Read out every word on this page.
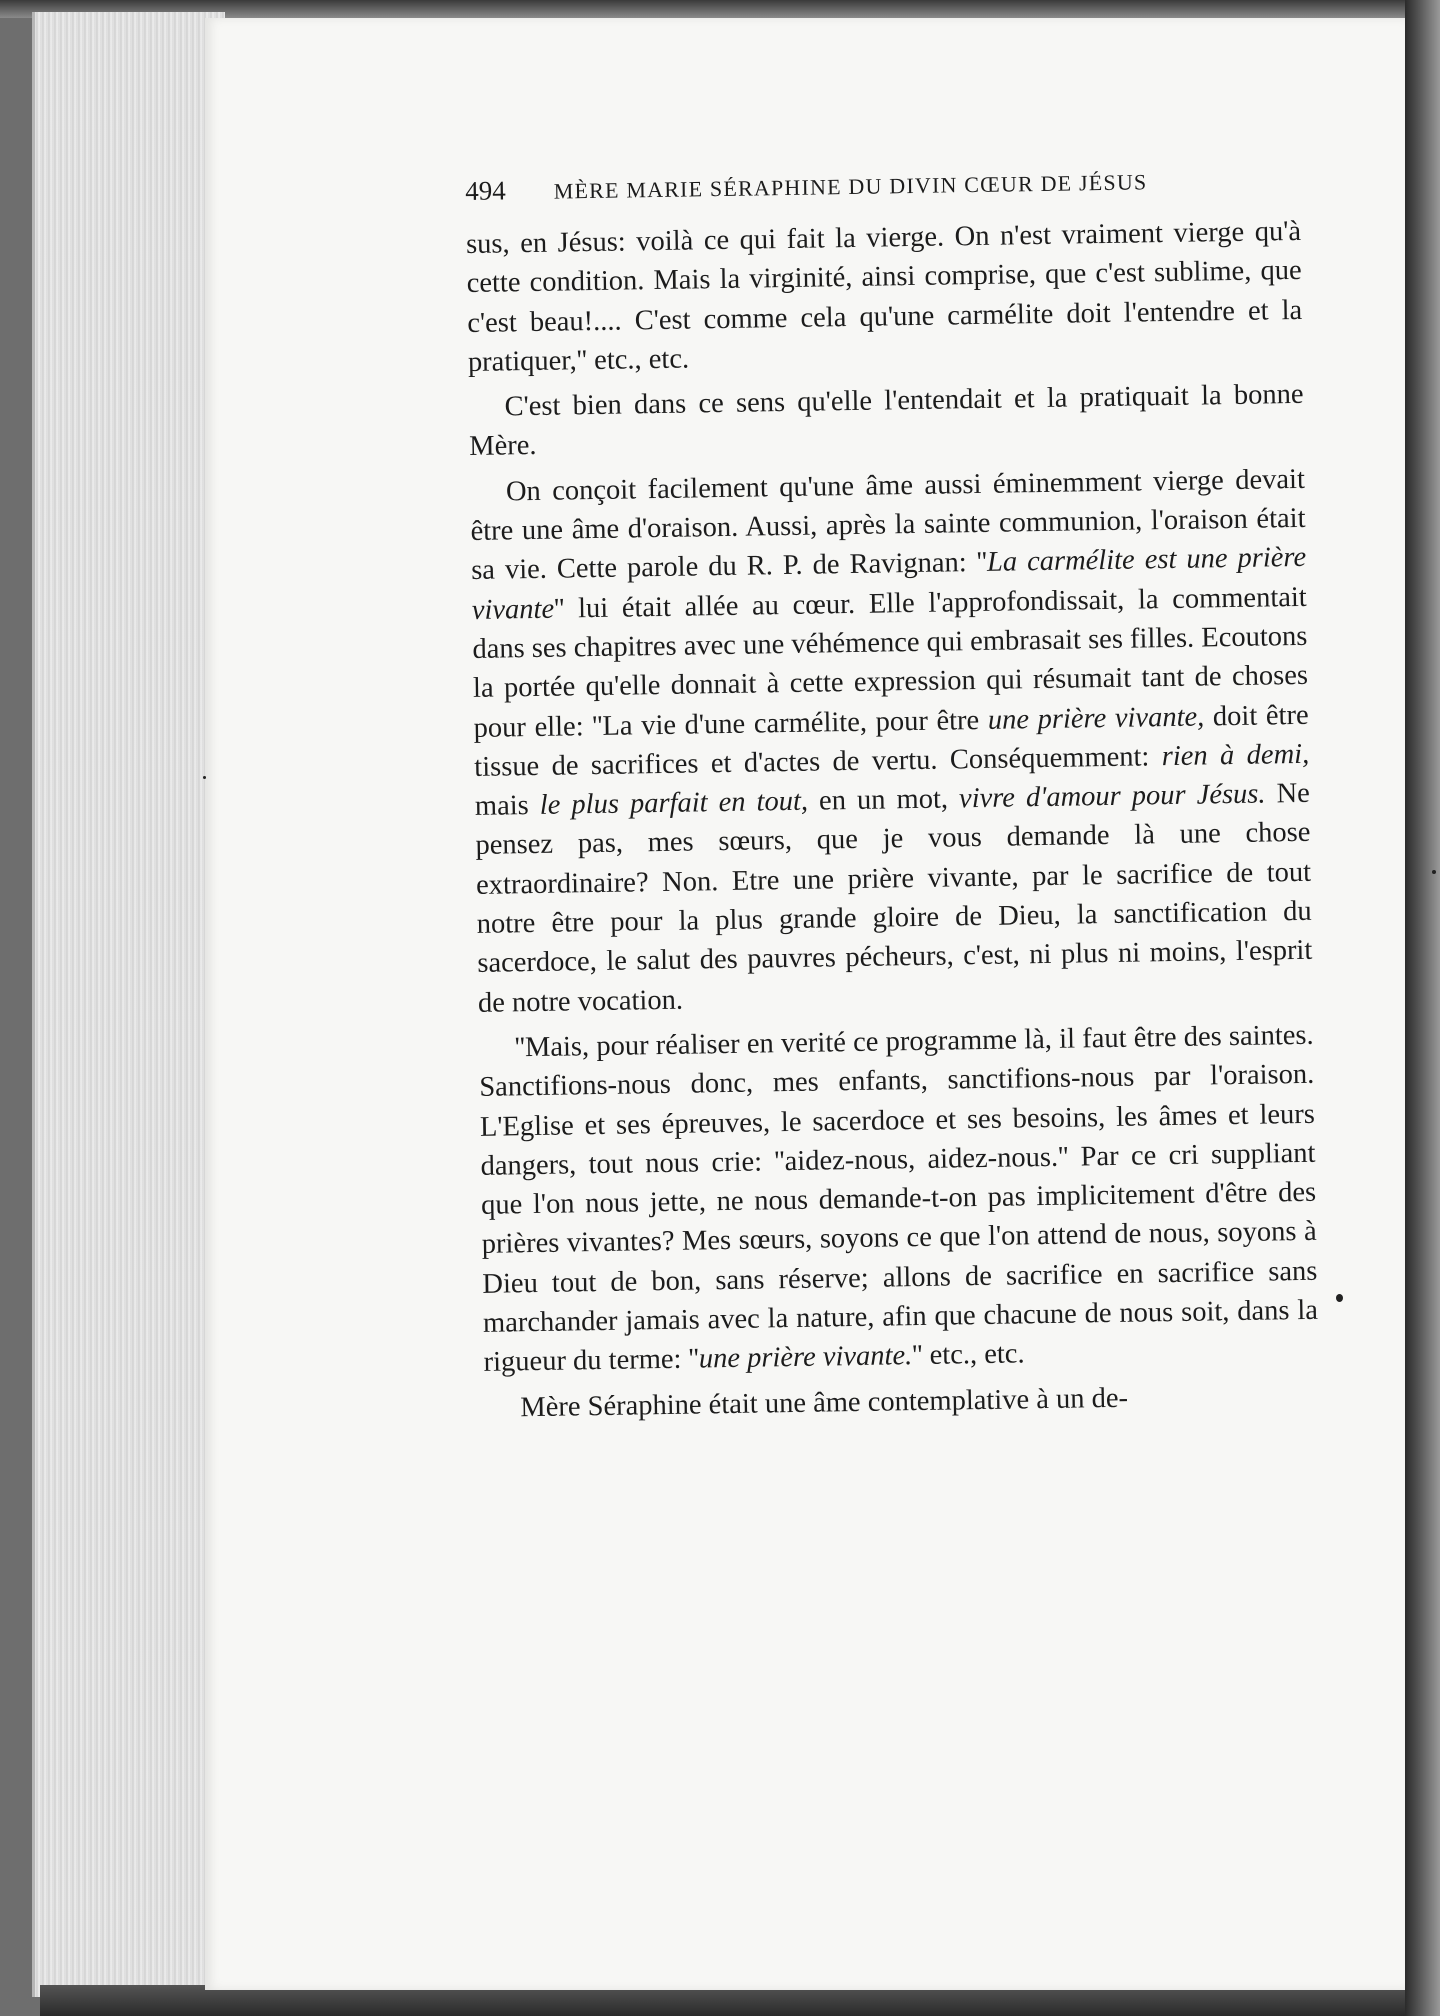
494 MÈRE MARIE SÉRAPHINE DU DIVIN CŒUR DE JÉSUS

sus, en Jésus: voilà ce qui fait la vierge. On n'est vraiment vierge qu'à cette condition. Mais la virginité, ainsi comprise, que c'est sublime, que c'est beau!.... C'est comme cela qu'une carmélite doit l'entendre et la pratiquer,'' etc., etc.

C'est bien dans ce sens qu'elle l'entendait et la pratiquait la bonne Mère.

On conçoit facilement qu'une âme aussi éminemment vierge devait être une âme d'oraison. Aussi, après la sainte communion, l'oraison était sa vie. Cette parole du R. P. de Ravignan: ''La carmélite est une prière vivante'' lui était allée au cœur. Elle l'approfondissait, la commentait dans ses chapitres avec une véhémence qui embrasait ses filles. Ecoutons la portée qu'elle donnait à cette expression qui résumait tant de choses pour elle: ''La vie d'une carmélite, pour être une prière vivante, doit être tissue de sacrifices et d'actes de vertu. Conséquemment: rien à demi, mais le plus parfait en tout, en un mot, vivre d'amour pour Jésus. Ne pensez pas, mes sœurs, que je vous demande là une chose extraordinaire? Non. Etre une prière vivante, par le sacrifice de tout notre être pour la plus grande gloire de Dieu, la sanctification du sacerdoce, le salut des pauvres pécheurs, c'est, ni plus ni moins, l'esprit de notre vocation.

''Mais, pour réaliser en verité ce programme là, il faut être des saintes. Sanctifions-nous donc, mes enfants, sanctifions-nous par l'oraison. L'Eglise et ses épreuves, le sacerdoce et ses besoins, les âmes et leurs dangers, tout nous crie: ''aidez-nous, aidez-nous.'' Par ce cri suppliant que l'on nous jette, ne nous demande-t-on pas implicitement d'être des prières vivantes? Mes sœurs, soyons ce que l'on attend de nous, soyons à Dieu tout de bon, sans réserve; allons de sacrifice en sacrifice sans marchander jamais avec la nature, afin que chacune de nous soit, dans la rigueur du terme: ''une prière vivante.'' etc., etc.

Mère Séraphine était une âme contemplative à un de-
